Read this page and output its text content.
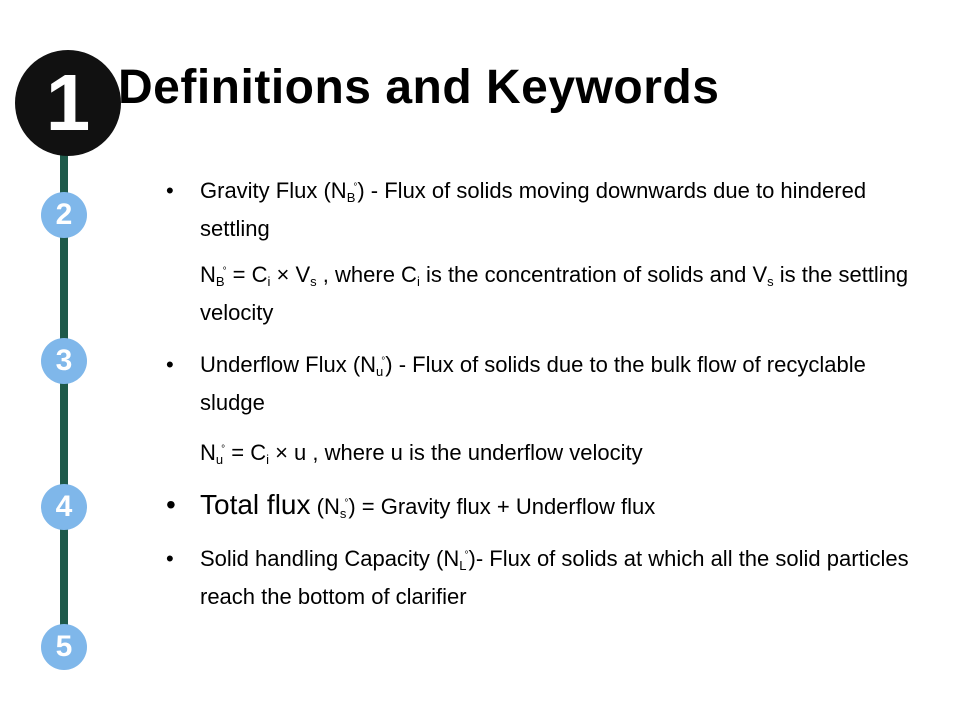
1
2
3
4
5
Definitions and Keywords
• Gravity Flux $(N_B^\circ)$ - Flux of solids moving downwards due to hindered settling
$N_B^\circ = C_i \times V_s$ , where $C_i$ is the concentration of solids and $V_s$ is the settling velocity
• Underflow Flux $(N_u^\circ)$ - Flux of solids due to the bulk flow of recyclable sludge
$N_u^\circ = C_i \times u$ , where u is the underflow velocity
• Total flux $(N_s^\circ)$ = Gravity flux + Underflow flux
• Solid handling Capacity $(N_L^\circ)-$ Flux of solids at which all the solid particles reach the bottom of clarifier
